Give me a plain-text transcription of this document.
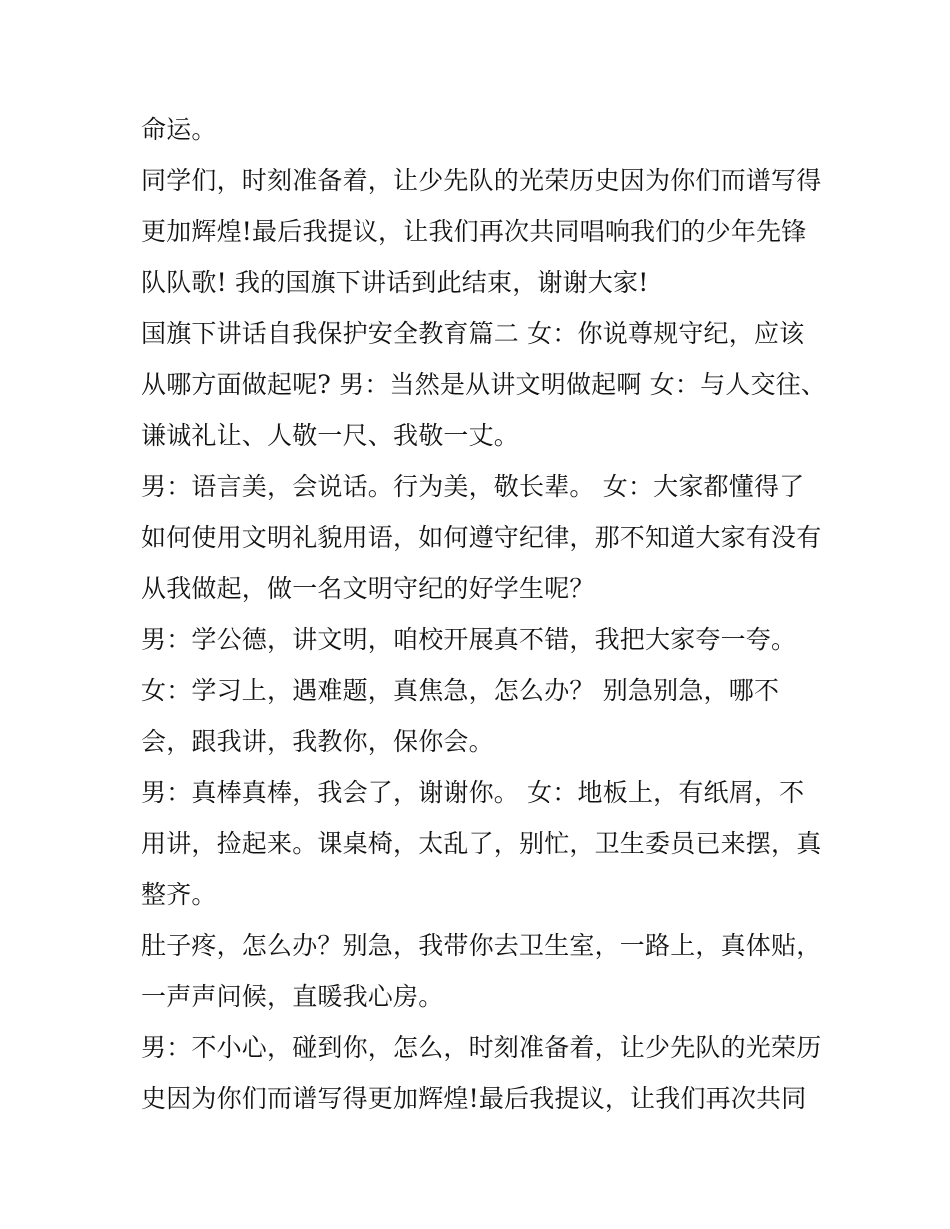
命运。
同学们，时刻准备着，让少先队的光荣历史因为你们而谱写得
更加辉煌!最后我提议，让我们再次共同唱响我们的少年先锋
队队歌! 我的国旗下讲话到此结束，谢谢大家!
国旗下讲话自我保护安全教育篇二 女：你说尊规守纪，应该
从哪方面做起呢? 男：当然是从讲文明做起啊 女：与人交往、
谦诚礼让、人敬一尺、我敬一丈。
男：语言美，会说话。行为美，敬长辈。 女：大家都懂得了
如何使用文明礼貌用语，如何遵守纪律，那不知道大家有没有
从我做起，做一名文明守纪的好学生呢？
男：学公德，讲文明，咱校开展真不错，我把大家夸一夸。
女：学习上，遇难题，真焦急，怎么办？ 别急别急，哪不
会，跟我讲，我教你，保你会。
男：真棒真棒，我会了，谢谢你。 女：地板上，有纸屑，不
用讲，捡起来。课桌椅，太乱了，别忙，卫生委员已来摆，真
整齐。
肚子疼，怎么办？别急，我带你去卫生室，一路上，真体贴，
一声声问候，直暖我心房。
男：不小心，碰到你，怎么，时刻准备着，让少先队的光荣历
史因为你们而谱写得更加辉煌!最后我提议，让我们再次共同
